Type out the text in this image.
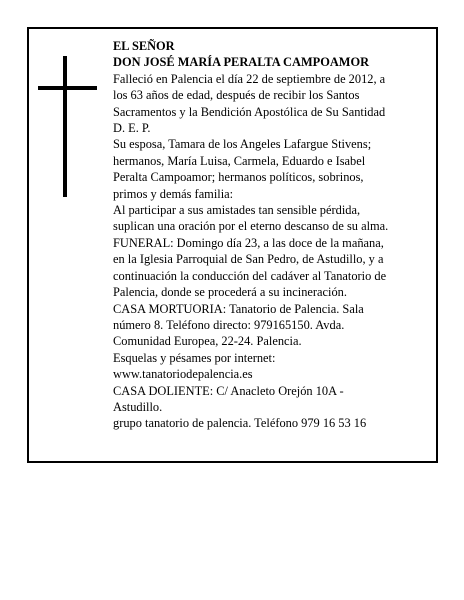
EL SEÑOR

DON JOSÉ MARÍA PERALTA CAMPOAMOR

Falleció en Palencia el día 22 de septiembre de 2012, a
los 63 años de edad, después de recibir los Santos
Sacramentos y la Bendición Apostólica de Su Santidad
D. E. P.

Su esposa, Tamara de los Angeles Lafargue Stivens;
hermanos, María Luisa, Carmela, Eduardo e Isabel
Peralta Campoamor; hermanos políticos, sobrinos,
primos y demás familia:

Al participar a sus amistades tan sensible pérdida,
suplican una oración por el eterno descanso de su alma.

FUNERAL: Domingo día 23, a las doce de la mañana,
en la Iglesia Parroquial de San Pedro, de Astudillo, y a
continuación la conducción del cadáver al Tanatorio de
Palencia, donde se procederá a su incineración.

CASA MORTUORIA: Tanatorio de Palencia. Sala
número 8. Teléfono directo: 979165150. Avda.
Comunidad Europea, 22-24. Palencia.

Esquelas y pésames por internet:
www.tanatoriodepalencia.es

CASA DOLIENTE: C/ Anacleto Orejón 10A -
Astudillo.

grupo tanatorio de palencia. Teléfono 979 16 53 16
